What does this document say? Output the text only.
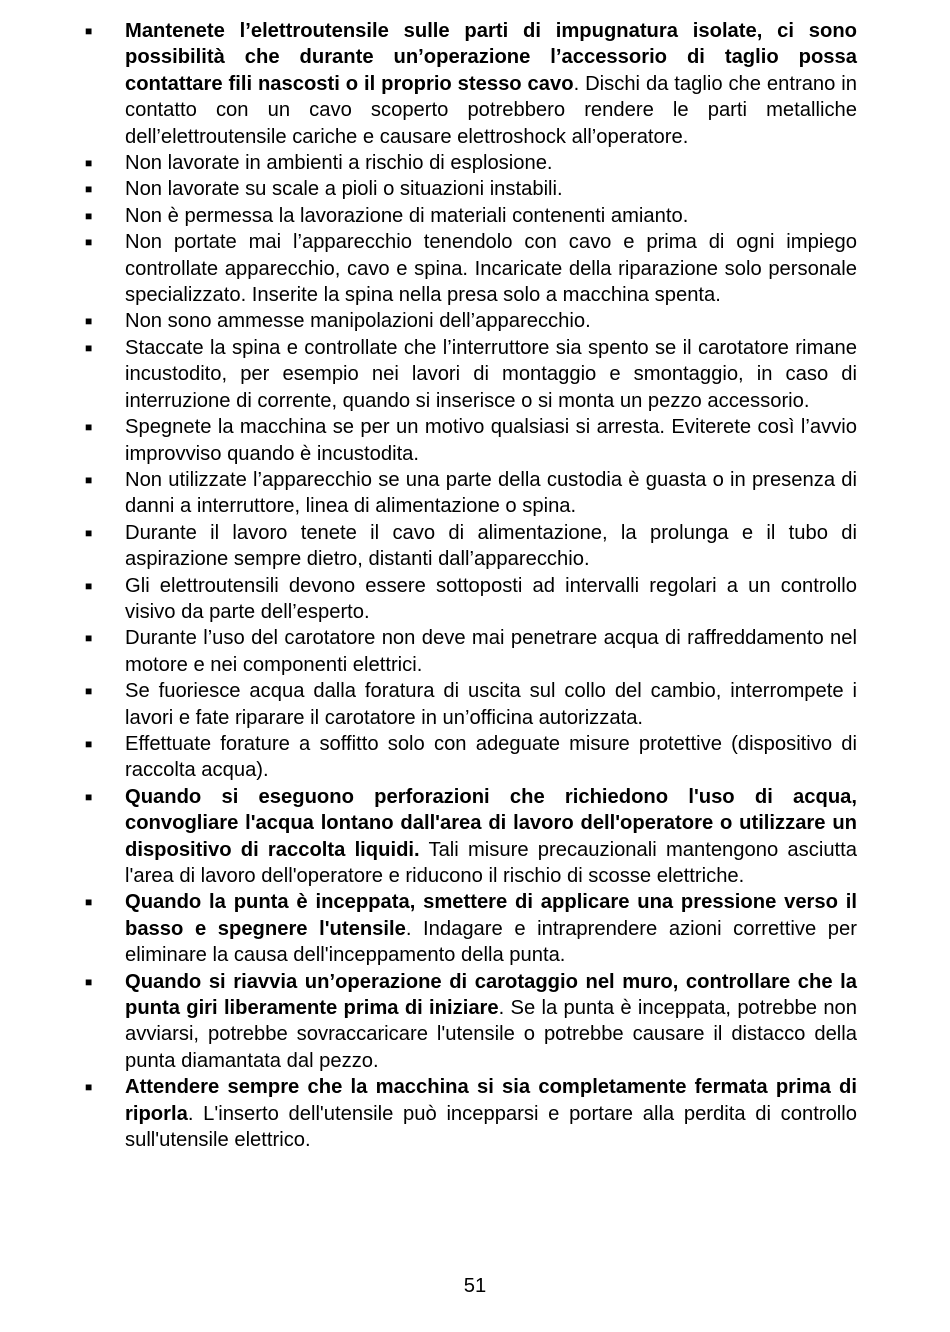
■	Mantenete l’elettroutensile sulle parti di impugnatura isolate, ci sono possibilità che durante un’operazione l’accessorio di taglio possa contattare fili nascosti o il proprio stesso cavo. Dischi da taglio che entrano in contatto con un cavo scoperto potrebbero rendere le parti metalliche dell’elettroutensile cariche e causare elettroshock all’operatore.
■	Non lavorate in ambienti a rischio di esplosione.
■	Non lavorate su scale a pioli o situazioni instabili.
■	Non è permessa la lavorazione di materiali contenenti amianto.
■	Non portate mai l’apparecchio tenendolo con cavo e prima di ogni impiego controllate apparecchio, cavo e spina. Incaricate della riparazione solo personale specializzato. Inserite la spina nella presa solo a macchina spenta.
■	Non sono ammesse manipolazioni dell’apparecchio.
■	Staccate la spina e controllate che l’interruttore sia spento se il carotatore rimane incustodito, per esempio nei lavori di montaggio e smontaggio, in caso di interruzione di corrente, quando si inserisce o si monta un pezzo accessorio.
■	Spegnete la macchina se per un motivo qualsiasi si arresta. Eviterete così l’avvio improvviso quando è incustodita.
■	Non utilizzate l’apparecchio se una parte della custodia è guasta o in presenza di danni a interruttore, linea di alimentazione o spina.
■	Durante il lavoro tenete il cavo di alimentazione, la prolunga e il tubo di aspirazione sempre dietro, distanti dall’apparecchio.
■	Gli elettroutensili devono essere sottoposti ad intervalli regolari a un controllo visivo da parte dell’esperto.
■	Durante l’uso del carotatore non deve mai penetrare acqua di raffreddamento nel motore e nei componenti elettrici.
■	Se fuoriesce acqua dalla foratura di uscita sul collo del cambio, interrompete i lavori e fate riparare il carotatore in un’officina autorizzata.
■	Effettuate forature a soffitto solo con adeguate misure protettive (dispositivo di raccolta acqua).
■	Quando si eseguono perforazioni che richiedono l'uso di acqua, convogliare l'acqua lontano dall'area di lavoro dell'operatore o utilizzare un dispositivo di raccolta liquidi. Tali misure precauzionali mantengono asciutta l'area di lavoro dell'operatore e riducono il rischio di scosse elettriche.
■	Quando la punta è inceppata, smettere di applicare una pressione verso il basso e spegnere l'utensile. Indagare e intraprendere azioni correttive per eliminare la causa dell'inceppamento della punta.
■	Quando si riavvia un’operazione di carotaggio nel muro, controllare che la punta giri liberamente prima di iniziare. Se la punta è inceppata, potrebbe non avviarsi, potrebbe sovraccaricare l'utensile o potrebbe causare il distacco della punta diamantata dal pezzo.
■	Attendere sempre che la macchina si sia completamente fermata prima di riporla. L'inserto dell'utensile può incepparsi e portare alla perdita di controllo sull'utensile elettrico.
51
